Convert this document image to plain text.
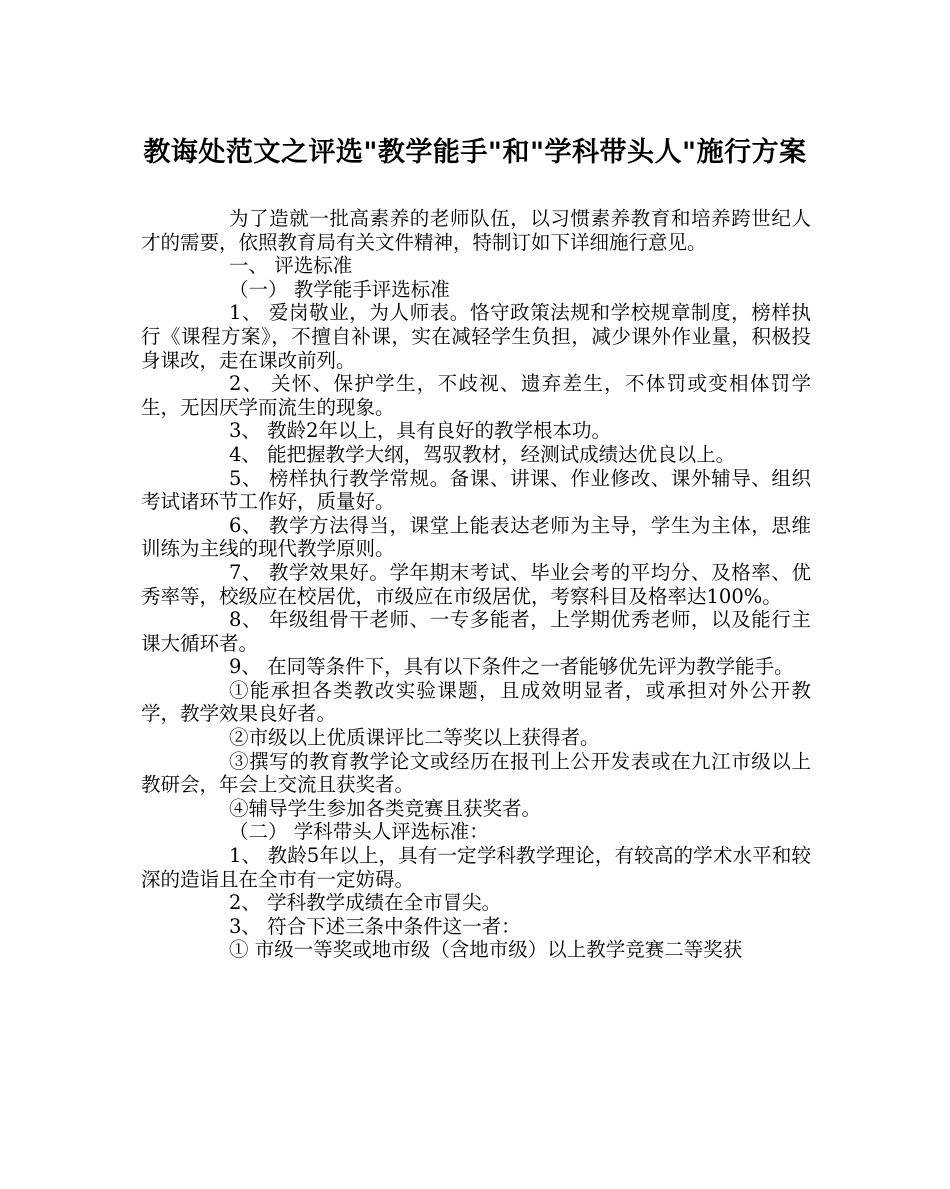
教诲处范文之评选"教学能手"和"学科带头人"施行方案

为了造就一批高素养的老师队伍，以习惯素养教育和培养跨世纪人才的需要，依照教育局有关文件精神，特制订如下详细施行意见。

一、 评选标准

（一） 教学能手评选标准

1、 爱岗敬业，为人师表。恪守政策法规和学校规章制度，榜样执行《课程方案》，不擅自补课，实在减轻学生负担，减少课外作业量，积极投身课改，走在课改前列。

2、 关怀、保护学生，不歧视、遗弃差生，不体罚或变相体罚学生，无因厌学而流生的现象。

3、 教龄2年以上，具有良好的教学根本功。

4、 能把握教学大纲，驾驭教材，经测试成绩达优良以上。

5、 榜样执行教学常规。备课、讲课、作业修改、课外辅导、组织考试诸环节工作好，质量好。

6、 教学方法得当，课堂上能表达老师为主导，学生为主体，思维训练为主线的现代教学原则。

7、 教学效果好。学年期末考试、毕业会考的平均分、及格率、优秀率等，校级应在校居优，市级应在市级居优，考察科目及格率达100%。

8、 年级组骨干老师、一专多能者，上学期优秀老师，以及能行主课大循环者。

9、 在同等条件下，具有以下条件之一者能够优先评为教学能手。

①能承担各类教改实验课题，且成效明显者，或承担对外公开教学，教学效果良好者。

②市级以上优质课评比二等奖以上获得者。

③撰写的教育教学论文或经历在报刊上公开发表或在九江市级以上教研会，年会上交流且获奖者。

④辅导学生参加各类竞赛且获奖者。

（二） 学科带头人评选标准：

1、 教龄5年以上，具有一定学科教学理论，有较高的学术水平和较深的造诣且在全市有一定妨碍。

2、 学科教学成绩在全市冒尖。

3、 符合下述三条中条件这一者：

① 市级一等奖或地市级（含地市级）以上教学竞赛二等奖获
